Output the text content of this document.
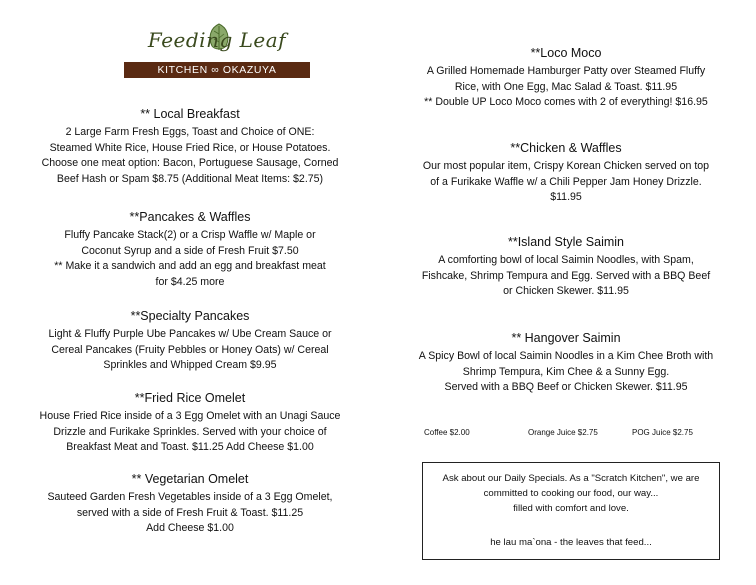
Feeding Leaf
KITCHEN ∞ OKAZUYA
** Local Breakfast

2 Large Farm Fresh Eggs, Toast and Choice of ONE:
Steamed White Rice, House Fried Rice, or House Potatoes.
Choose one meat option: Bacon, Portuguese Sausage, Corned
Beef Hash or Spam $8.75 (Additional Meat Items: $2.75)

**Pancakes & Waffles

Fluffy Pancake Stack(2) or a Crisp Waffle w/ Maple or
Coconut Syrup and a side of Fresh Fruit $7.50
** Make it a sandwich and add an egg and breakfast meat
for $4.25 more

**Specialty Pancakes

Light & Fluffy Purple Ube Pancakes w/ Ube Cream Sauce or
Cereal Pancakes (Fruity Pebbles or Honey Oats) w/ Cereal
Sprinkles and Whipped Cream $9.95

**Fried Rice Omelet

House Fried Rice inside of a 3 Egg Omelet with an Unagi Sauce
Drizzle and Furikake Sprinkles. Served with your choice of
Breakfast Meat and Toast. $11.25 Add Cheese $1.00

** Vegetarian Omelet

Sauteed Garden Fresh Vegetables inside of a 3 Egg Omelet,
served with a side of Fresh Fruit & Toast. $11.25
Add Cheese $1.00

**Loco Moco

A Grilled Homemade Hamburger Patty over Steamed Fluffy
Rice, with One Egg, Mac Salad & Toast. $11.95
** Double UP Loco Moco comes with 2 of everything! $16.95

**Chicken & Waffles

Our most popular item, Crispy Korean Chicken served on top
of a Furikake Waffle w/ a Chili Pepper Jam Honey Drizzle.
$11.95

**Island Style Saimin

A comforting bowl of local Saimin Noodles, with Spam,
Fishcake, Shrimp Tempura and Egg. Served with a BBQ Beef
or Chicken Skewer. $11.95

** Hangover Saimin

A Spicy Bowl of local Saimin Noodles in a Kim Chee Broth with
Shrimp Tempura, Kim Chee & a Sunny Egg.
Served with a BBQ Beef or Chicken Skewer. $11.95

Coffee $2.00	Orange Juice $2.75	POG Juice $2.75

Ask about our Daily Specials. As a "Scratch Kitchen", we are

committed to cooking our food, our way...

filled with comfort and love.

he lau ma`ona - the leaves that feed...
